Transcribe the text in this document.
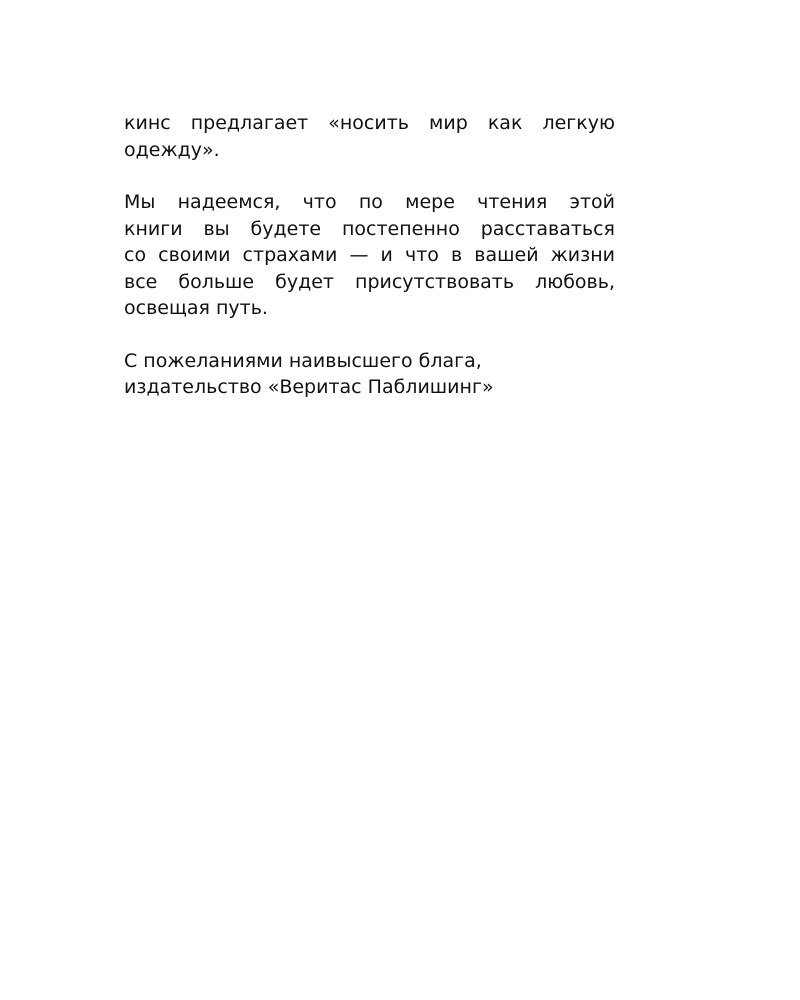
кинс предлагает «носить мир как легкую
одежду».
Мы надеемся, что по мере чтения этой
книги вы будете постепенно расставаться
со своими страхами — и что в вашей жизни
все больше будет присутствовать любовь,
освещая путь.
С пожеланиями наивысшего блага,
издательство «Веритас Паблишинг»
